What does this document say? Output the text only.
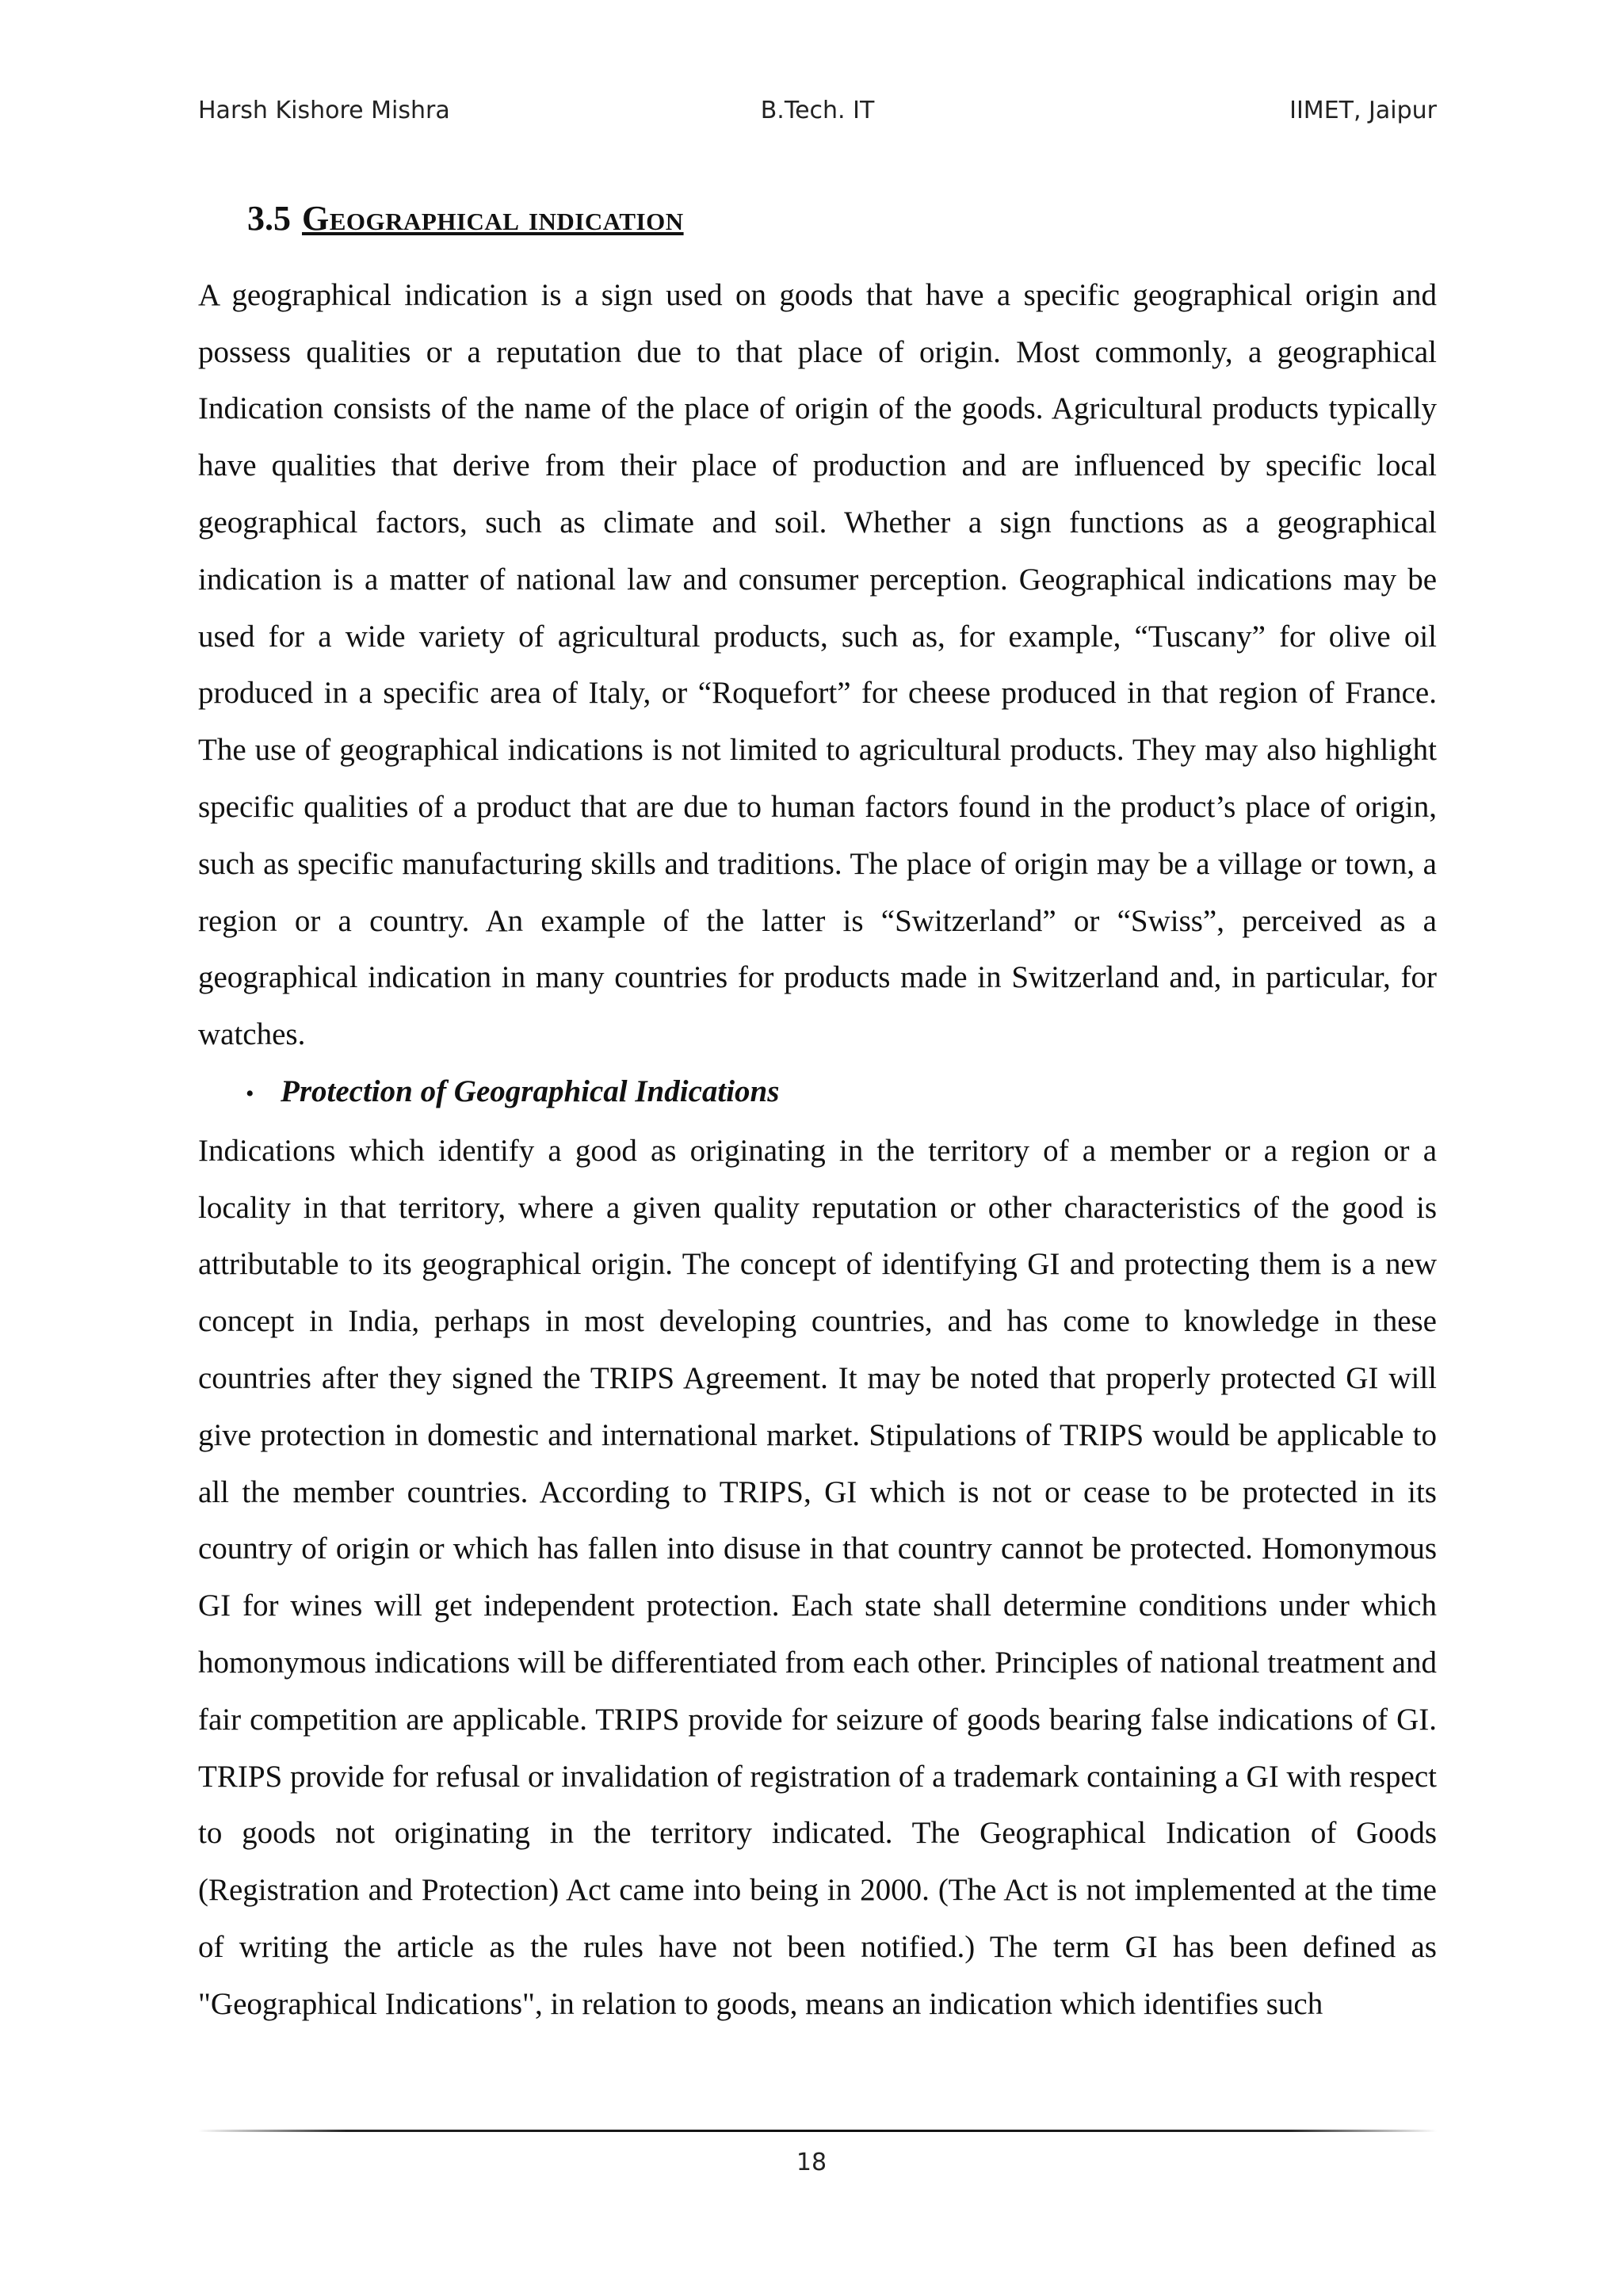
Harsh Kishore Mishra	B.Tech. IT	IIMET, Jaipur
3.5 Geographical indication

A geographical indication is a sign used on goods that have a specific geographical origin and possess qualities or a reputation due to that place of origin. Most commonly, a geographical Indication consists of the name of the place of origin of the goods. Agricultural products typically have qualities that derive from their place of production and are influenced by specific local geographical factors, such as climate and soil. Whether a sign functions as a geographical indication is a matter of national law and consumer perception. Geographical indications may be used for a wide variety of agricultural products, such as, for example, “Tuscany” for olive oil produced in a specific area of Italy, or “Roquefort” for cheese produced in that region of France. The use of geographical indications is not limited to agricultural products. They may also highlight specific qualities of a product that are due to human factors found in the product’s place of origin, such as specific manufacturing skills and traditions. The place of origin may be a village or town, a region or a country. An example of the latter is “Switzerland” or “Swiss”, perceived as a geographical indication in many countries for products made in Switzerland and, in particular, for watches.

• Protection of Geographical Indications

Indications which identify a good as originating in the territory of a member or a region or a locality in that territory, where a given quality reputation or other characteristics of the good is attributable to its geographical origin. The concept of identifying GI and protecting them is a new concept in India, perhaps in most developing countries, and has come to knowledge in these countries after they signed the TRIPS Agreement. It may be noted that properly protected GI will give protection in domestic and international market. Stipulations of TRIPS would be applicable to all the member countries. According to TRIPS, GI which is not or cease to be protected in its country of origin or which has fallen into disuse in that country cannot be protected. Homonymous GI for wines will get independent protection. Each state shall determine conditions under which homonymous indications will be differentiated from each other. Principles of national treatment and fair competition are applicable. TRIPS provide for seizure of goods bearing false indications of GI. TRIPS provide for refusal or invalidation of registration of a trademark containing a GI with respect to goods not originating in the territory indicated. The Geographical Indication of Goods (Registration and Protection) Act came into being in 2000. (The Act is not implemented at the time of writing the article as the rules have not been notified.) The term GI has been defined as "Geographical Indications", in relation to goods, means an indication which identifies such

18
